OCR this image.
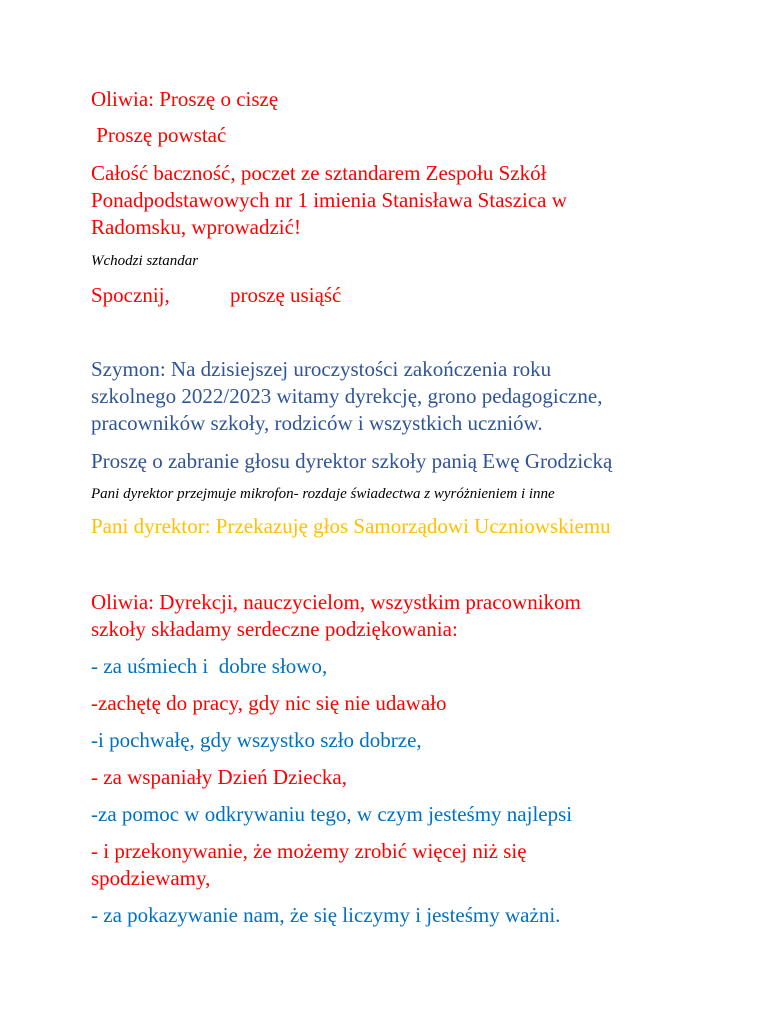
Oliwia: Proszę o ciszę
Proszę powstać
Całość baczność, poczet ze sztandarem Zespołu Szkół
Ponadpodstawowych nr 1 imienia Stanisława Staszica w
Radomsku, wprowadzić!
Wchodzi sztandar
Spocznij,	proszę usiąść
Szymon: Na dzisiejszej uroczystości zakończenia roku
szkolnego 2022/2023 witamy dyrekcję, grono pedagogiczne,
pracowników szkoły, rodziców i wszystkich uczniów.
Proszę o zabranie głosu dyrektor szkoły panią Ewę Grodzicką
Pani dyrektor przejmuje mikrofon- rozdaje świadectwa z wyróżnieniem i inne
Pani dyrektor: Przekazuję głos Samorządowi Uczniowskiemu
Oliwia: Dyrekcji, nauczycielom, wszystkim pracownikom
szkoły składamy serdeczne podziękowania:
- za uśmiech i  dobre słowo,
-zachętę do pracy, gdy nic się nie udawało
-i pochwałę, gdy wszystko szło dobrze,
- za wspaniały Dzień Dziecka,
-za pomoc w odkrywaniu tego, w czym jesteśmy najlepsi
- i przekonywanie, że możemy zrobić więcej niż się
spodziewamy,
- za pokazywanie nam, że się liczymy i jesteśmy ważni.
